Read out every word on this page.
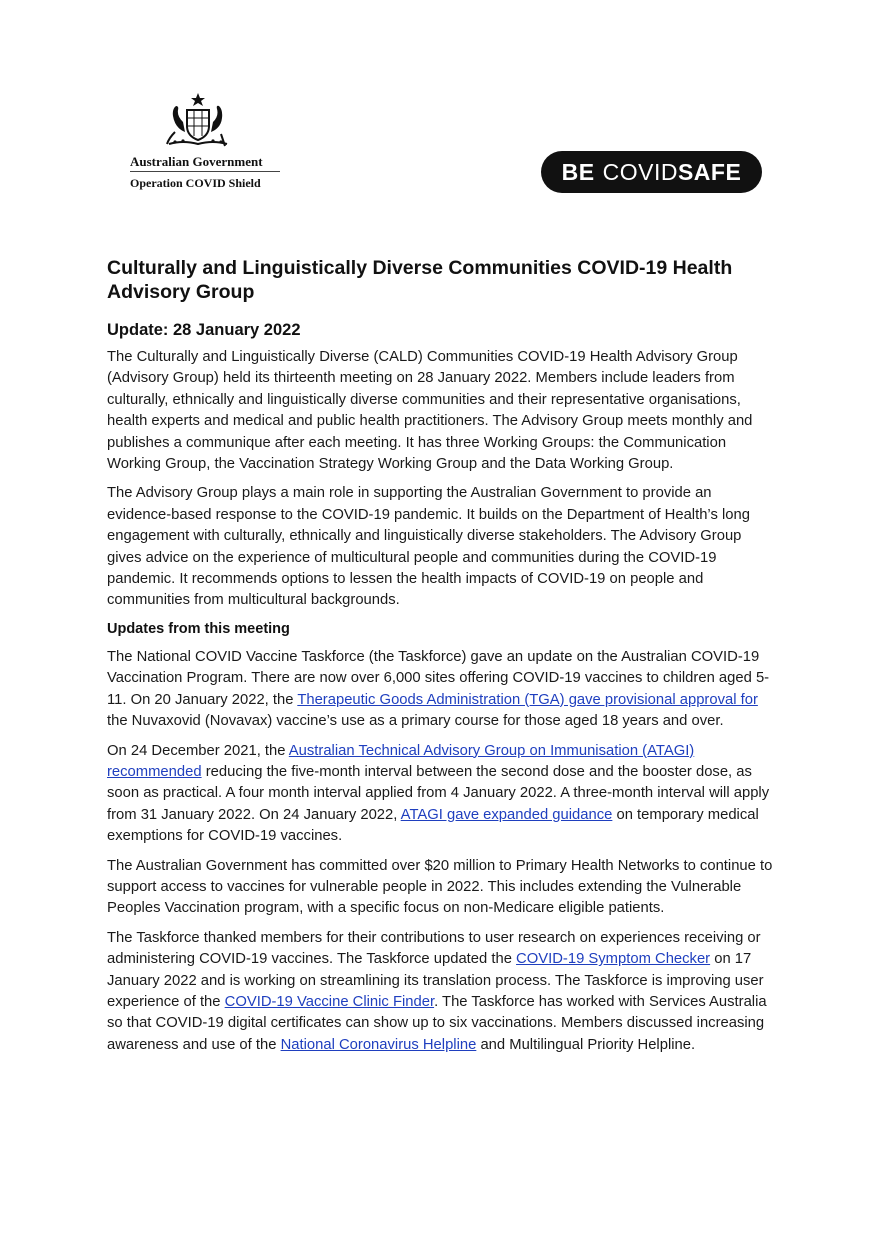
Australian Government
Operation COVID Shield	BE COVID SAFE
Culturally and Linguistically Diverse Communities COVID-19 Health Advisory Group
Update: 28 January 2022

The Culturally and Linguistically Diverse (CALD) Communities COVID-19 Health Advisory Group (Advisory Group) held its thirteenth meeting on 28 January 2022. Members include leaders from culturally, ethnically and linguistically diverse communities and their representative organisations, health experts and medical and public health practitioners. The Advisory Group meets monthly and publishes a communique after each meeting. It has three Working Groups: the Communication Working Group, the Vaccination Strategy Working Group and the Data Working Group.

The Advisory Group plays a main role in supporting the Australian Government to provide an evidence-based response to the COVID-19 pandemic. It builds on the Department of Health’s long engagement with culturally, ethnically and linguistically diverse stakeholders. The Advisory Group gives advice on the experience of multicultural people and communities during the COVID-19 pandemic. It recommends options to lessen the health impacts of COVID-19 on people and communities from multicultural backgrounds.

Updates from this meeting

The National COVID Vaccine Taskforce (the Taskforce) gave an update on the Australian COVID-19 Vaccination Program. There are now over 6,000 sites offering COVID-19 vaccines to children aged 5-11. On 20 January 2022, the Therapeutic Goods Administration (TGA) gave provisional approval for the Nuvaxovid (Novavax) vaccine’s use as a primary course for those aged 18 years and over.

On 24 December 2021, the Australian Technical Advisory Group on Immunisation (ATAGI) recommended reducing the five-month interval between the second dose and the booster dose, as soon as practical. A four month interval applied from 4 January 2022. A three-month interval will apply from 31 January 2022. On 24 January 2022, ATAGI gave expanded guidance on temporary medical exemptions for COVID-19 vaccines.

The Australian Government has committed over $20 million to Primary Health Networks to continue to support access to vaccines for vulnerable people in 2022. This includes extending the Vulnerable Peoples Vaccination program, with a specific focus on non-Medicare eligible patients.

The Taskforce thanked members for their contributions to user research on experiences receiving or administering COVID-19 vaccines. The Taskforce updated the COVID-19 Symptom Checker on 17 January 2022 and is working on streamlining its translation process. The Taskforce is improving user experience of the COVID-19 Vaccine Clinic Finder. The Taskforce has worked with Services Australia so that COVID-19 digital certificates can show up to six vaccinations. Members discussed increasing awareness and use of the National Coronavirus Helpline and Multilingual Priority Helpline.
